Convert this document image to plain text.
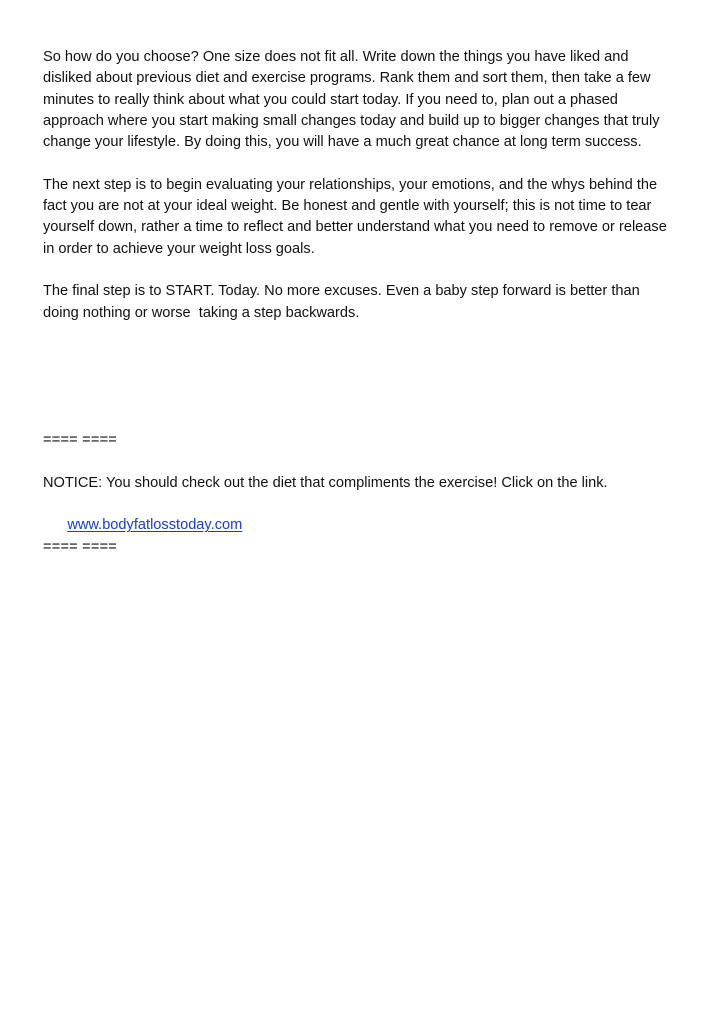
So how do you choose? One size does not fit all. Write down the things you have liked and
disliked about previous diet and exercise programs. Rank them and sort them, then take a few
minutes to really think about what you could start today. If you need to, plan out a phased
approach where you start making small changes today and build up to bigger changes that truly
change your lifestyle. By doing this, you will have a much great chance at long term success.
The next step is to begin evaluating your relationships, your emotions, and the whys behind the
fact you are not at your ideal weight. Be honest and gentle with yourself; this is not time to tear
yourself down, rather a time to reflect and better understand what you need to remove or release
in order to achieve your weight loss goals.
The final step is to START. Today. No more excuses. Even a baby step forward is better than
doing nothing or worse  taking a step backwards.
==== ====
NOTICE: You should check out the diet that compliments the exercise! Click on the link.

www.bodyfatlosstoday.com

==== ====
